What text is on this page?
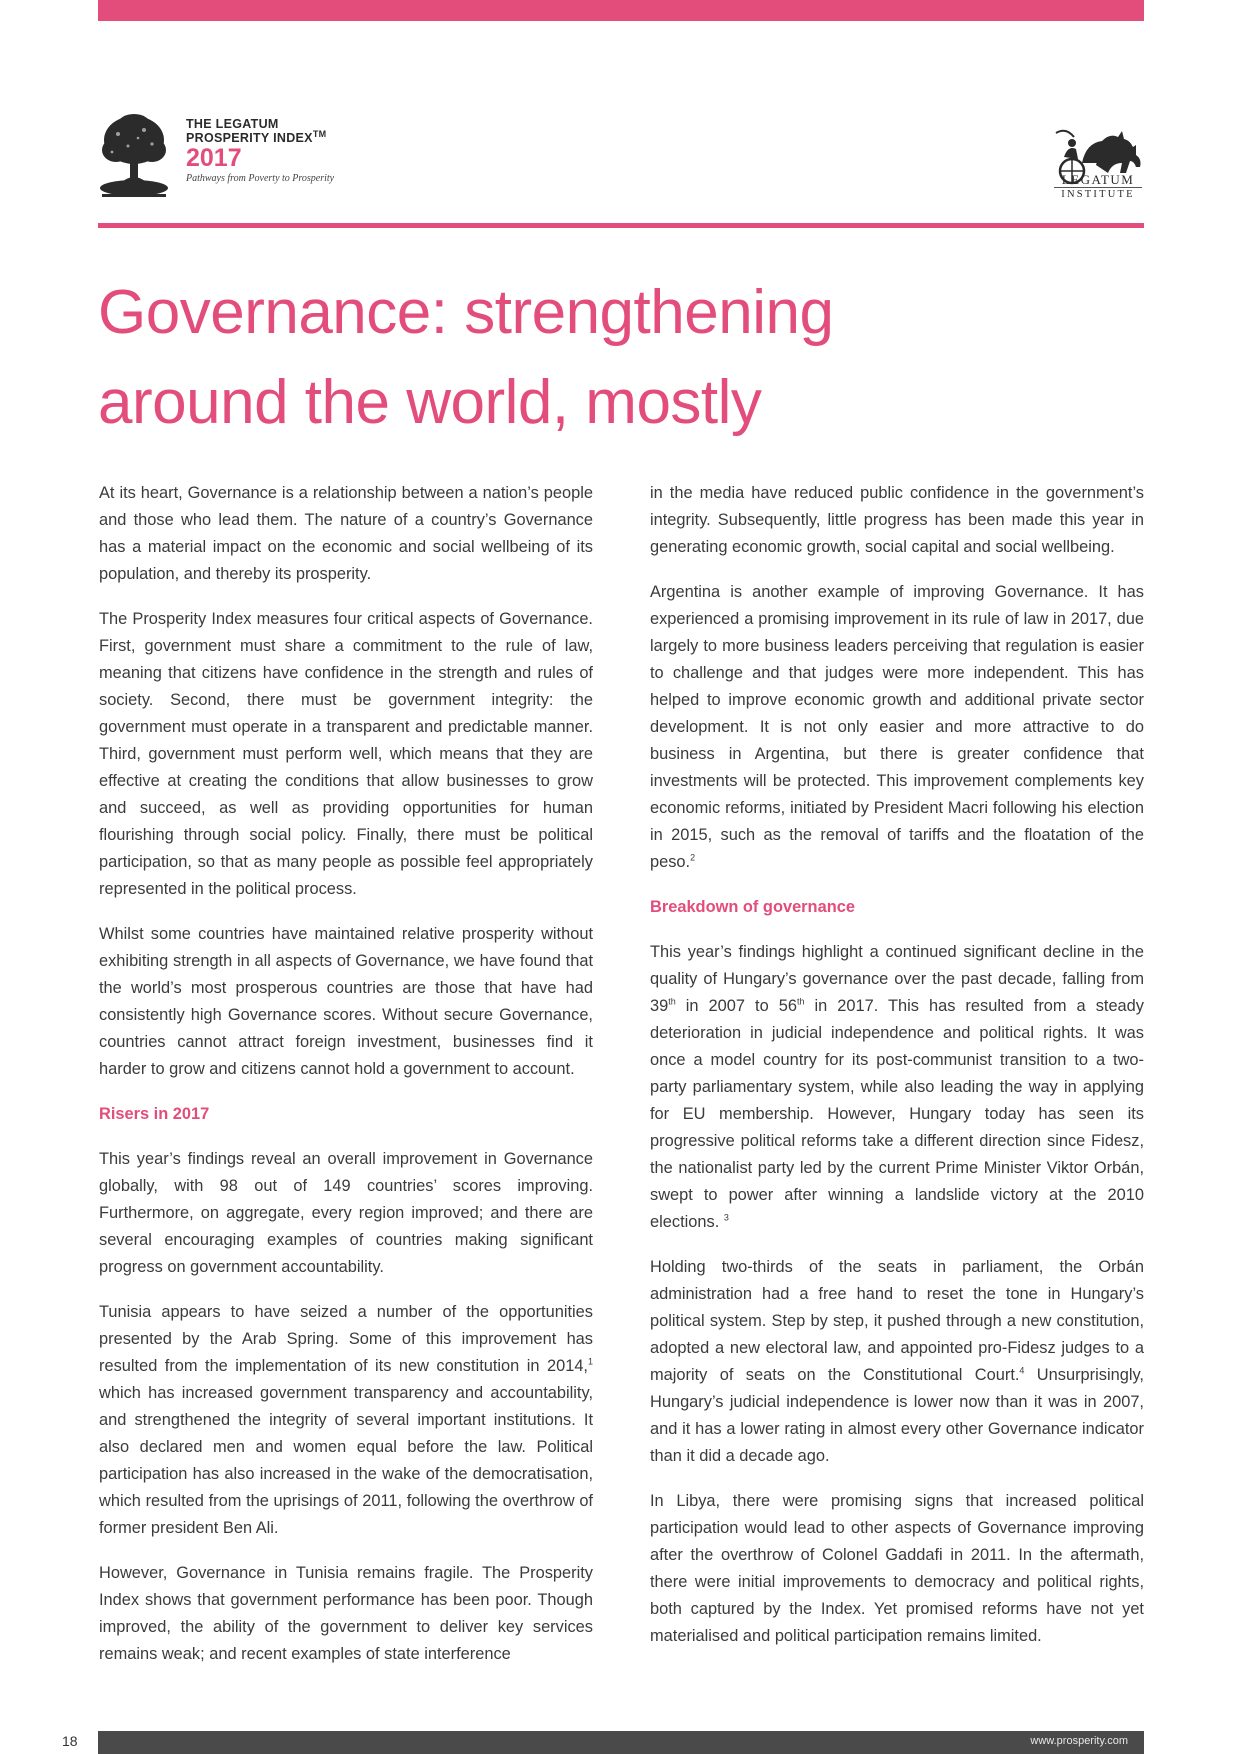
THE LEGATUM
PROSPERITY INDEX™
2017
Pathways from Poverty to Prosperity	LEGATUM
INSTITUTE
Governance: strengthening
around the world, mostly

At its heart, Governance is a relationship between a nation’s people and those who lead them. The nature of a country’s Governance has a material impact on the economic and social wellbeing of its population, and thereby its prosperity.

The Prosperity Index measures four critical aspects of Governance. First, government must share a commitment to the rule of law, meaning that citizens have confidence in the strength and rules of society. Second, there must be government integrity: the government must operate in a transparent and predictable manner. Third, government must perform well, which means that they are effective at creating the conditions that allow businesses to grow and succeed, as well as providing opportunities for human flourishing through social policy. Finally, there must be political participation, so that as many people as possible feel appropriately represented in the political process.

Whilst some countries have maintained relative prosperity without exhibiting strength in all aspects of Governance, we have found that the world’s most prosperous countries are those that have had consistently high Governance scores. Without secure Governance, countries cannot attract foreign investment, businesses find it harder to grow and citizens cannot hold a government to account.

Risers in 2017

This year’s findings reveal an overall improvement in Governance globally, with 98 out of 149 countries’ scores improving. Furthermore, on aggregate, every region improved; and there are several encouraging examples of countries making significant progress on government accountability.

Tunisia appears to have seized a number of the opportunities presented by the Arab Spring. Some of this improvement has resulted from the implementation of its new constitution in 2014,$^1$ which has increased government transparency and accountability, and strengthened the integrity of several important institutions. It also declared men and women equal before the law. Political participation has also increased in the wake of the democratisation, which resulted from the uprisings of 2011, following the overthrow of former president Ben Ali.

However, Governance in Tunisia remains fragile. The Prosperity Index shows that government performance has been poor. Though improved, the ability of the government to deliver key services remains weak; and recent examples of state interference

in the media have reduced public confidence in the government’s integrity. Subsequently, little progress has been made this year in generating economic growth, social capital and social wellbeing.

Argentina is another example of improving Governance. It has experienced a promising improvement in its rule of law in 2017, due largely to more business leaders perceiving that regulation is easier to challenge and that judges were more independent. This has helped to improve economic growth and additional private sector development. It is not only easier and more attractive to do business in Argentina, but there is greater confidence that investments will be protected. This improvement complements key economic reforms, initiated by President Macri following his election in 2015, such as the removal of tariffs and the floatation of the peso.$^2$

Breakdown of governance

This year’s findings highlight a continued significant decline in the quality of Hungary’s governance over the past decade, falling from 39th in 2007 to 56th in 2017. This has resulted from a steady deterioration in judicial independence and political rights. It was once a model country for its post-communist transition to a two-party parliamentary system, while also leading the way in applying for EU membership. However, Hungary today has seen its progressive political reforms take a different direction since Fidesz, the nationalist party led by the current Prime Minister Viktor Orbán, swept to power after winning a landslide victory at the 2010 elections. $^3$

Holding two-thirds of the seats in parliament, the Orbán administration had a free hand to reset the tone in Hungary’s political system. Step by step, it pushed through a new constitution, adopted a new electoral law, and appointed pro-Fidesz judges to a majority of seats on the Constitutional Court.$^4$ Unsurprisingly, Hungary’s judicial independence is lower now than it was in 2007, and it has a lower rating in almost every other Governance indicator than it did a decade ago.

In Libya, there were promising signs that increased political participation would lead to other aspects of Governance improving after the overthrow of Colonel Gaddafi in 2011. In the aftermath, there were initial improvements to democracy and political rights, both captured by the Index. Yet promised reforms have not yet materialised and political participation remains limited.

18	www.prosperity.com
